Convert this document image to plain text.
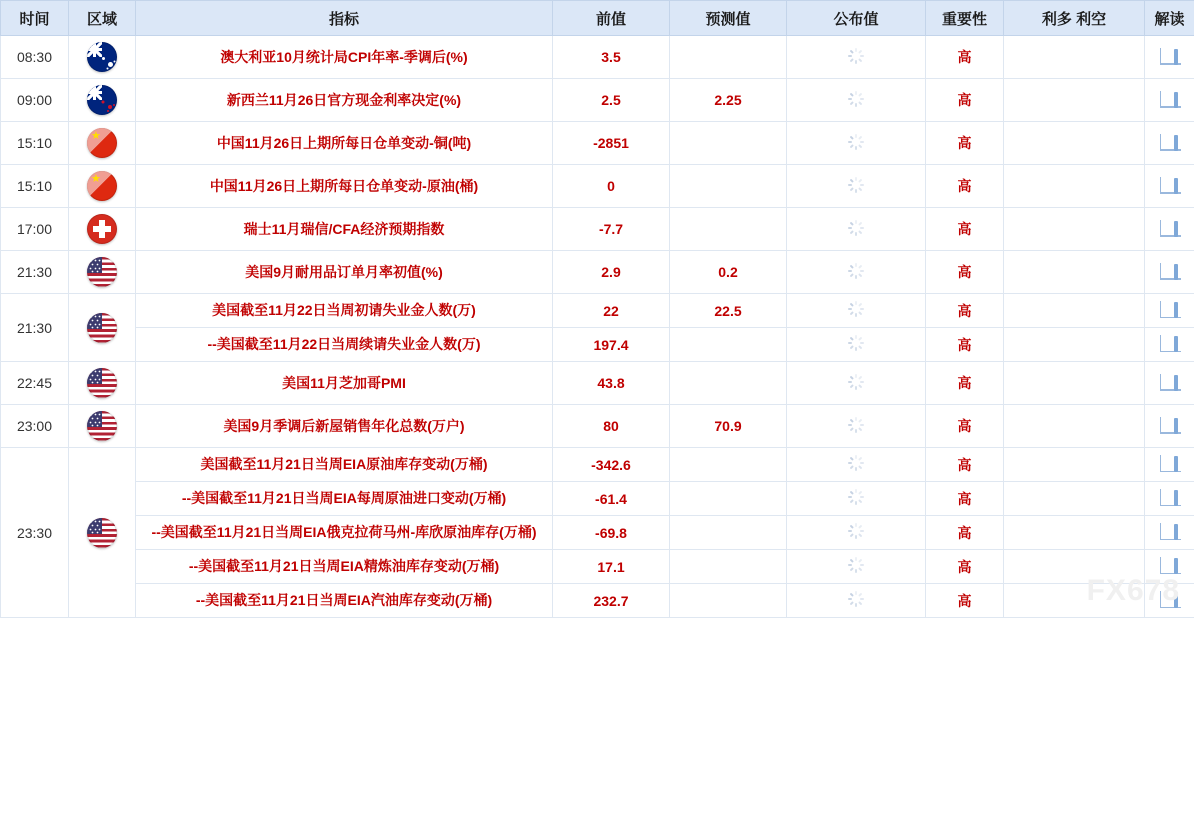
时间	区域	指标	前值	预测值	公布值	重要性	利多 利空	解读
08:30		澳大利亚10月统计局CPI年率-季调后(%)	3.5			高		

09:00		新西兰11月26日官方现金利率决定(%)	2.5	2.25		高		

15:10	★	中国11月26日上期所每日仓单变动-铜(吨)	-2851			高		

15:10	★	中国11月26日上期所每日仓单变动-原油(桶)	0			高		

17:00		瑞士11月瑞信/CFA经济预期指数	-7.7			高		

21:30		美国9月耐用品订单月率初值(%)	2.9	0.2		高		

21:30		美国截至11月22日当周初请失业金人数(万)	22	22.5		高		

		--美国截至11月22日当周续请失业金人数(万)	197.4			高		

22:45		美国11月芝加哥PMI	43.8			高		

23:00		美国9月季调后新屋销售年化总数(万户)	80	70.9		高		

23:30		美国截至11月21日当周EIA原油库存变动(万桶)	-342.6			高		

		--美国截至11月21日当周EIA每周原油进口变动(万桶)	-61.4			高		

		--美国截至11月21日当周EIA俄克拉荷马州-库欣原油库存(万桶)	-69.8			高		

		--美国截至11月21日当周EIA精炼油库存变动(万桶)	17.1			高		

		--美国截至11月21日当周EIA汽油库存变动(万桶)	232.7			高			FX678
